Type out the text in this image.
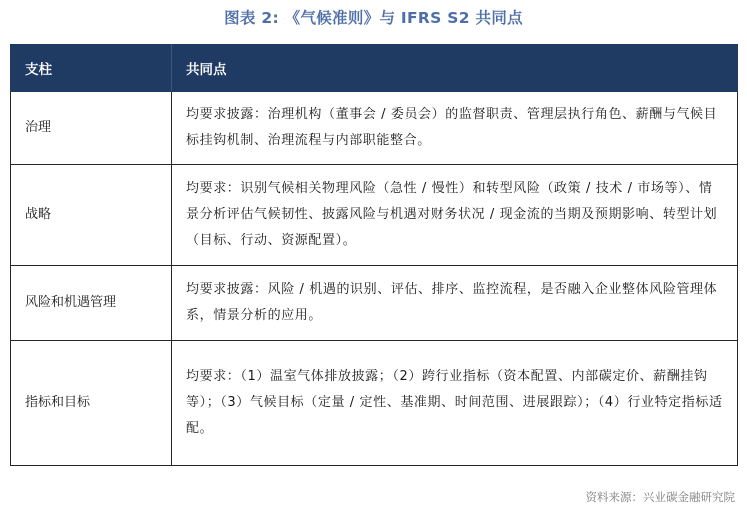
图表 2: 《气候准则》与 IFRS S2 共同点
支柱	共同点
治理	均要求披露：治理机构（董事会 / 委员会）的监督职责、管理层执行角色、薪酬与气候目标挂钩机制、治理流程与内部职能整合。
战略	均要求：识别气候相关物理风险（急性 / 慢性）和转型风险（政策 / 技术 / 市场等）、情景分析评估气候韧性、披露风险与机遇对财务状况 / 现金流的当期及预期影响、转型计划（目标、行动、资源配置）。
风险和机遇管理	均要求披露：风险 / 机遇的识别、评估、排序、监控流程，是否融入企业整体风险管理体系，情景分析的应用。
指标和目标	均要求：（1）温室气体排放披露；（2）跨行业指标（资本配置、内部碳定价、薪酬挂钩等）；（3）气候目标（定量 / 定性、基准期、时间范围、进展跟踪）；（4）行业特定指标适配。
资料来源：兴业碳金融研究院
